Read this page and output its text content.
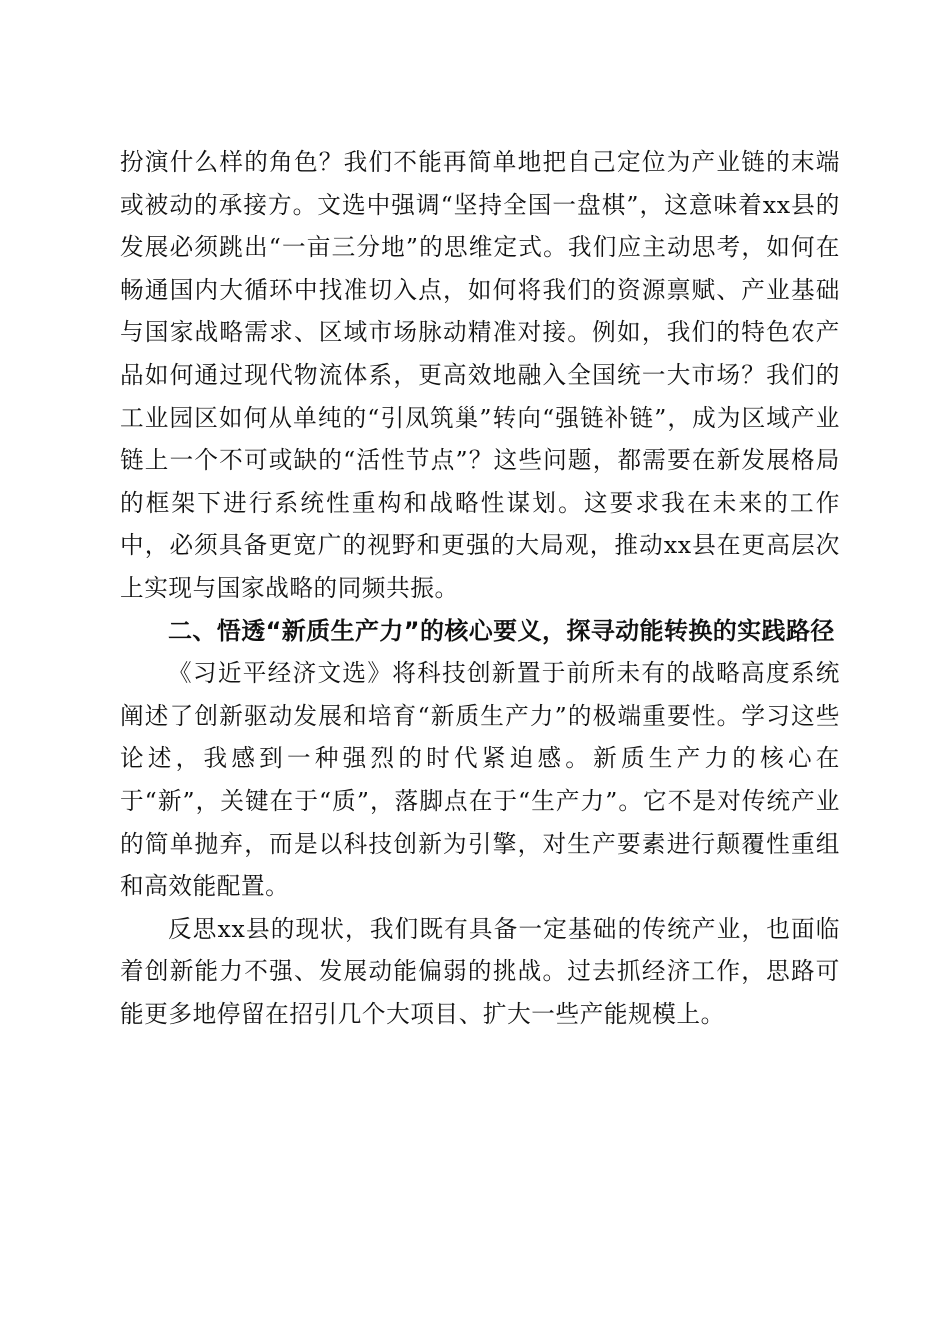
扮演什么样的角色？我们不能再简单地把自己定位为产业链的末端或被动的承接方。文选中强调“坚持全国一盘棋”，这意味着xx县的发展必须跳出“一亩三分地”的思维定式。我们应主动思考，如何在畅通国内大循环中找准切入点，如何将我们的资源禀赋、产业基础与国家战略需求、区域市场脉动精准对接。例如，我们的特色农产品如何通过现代物流体系，更高效地融入全国统一大市场？我们的工业园区如何从单纯的“引凤筑巢”转向“强链补链”，成为区域产业链上一个不可或缺的“活性节点”？这些问题，都需要在新发展格局的框架下进行系统性重构和战略性谋划。这要求我在未来的工作中，必须具备更宽广的视野和更强的大局观，推动xx县在更高层次上实现与国家战略的同频共振。

二、悟透“新质生产力”的核心要义，探寻动能转换的实践路径

《习近平经济文选》将科技创新置于前所未有的战略高度系统阐述了创新驱动发展和培育“新质生产力”的极端重要性。学习这些论述，我感到一种强烈的时代紧迫感。新质生产力的核心在于“新”，关键在于“质”，落脚点在于“生产力”。它不是对传统产业的简单抛弃，而是以科技创新为引擎，对生产要素进行颠覆性重组和高效能配置。

反思xx县的现状，我们既有具备一定基础的传统产业，也面临着创新能力不强、发展动能偏弱的挑战。过去抓经济工作，思路可能更多地停留在招引几个大项目、扩大一些产能规模上。
